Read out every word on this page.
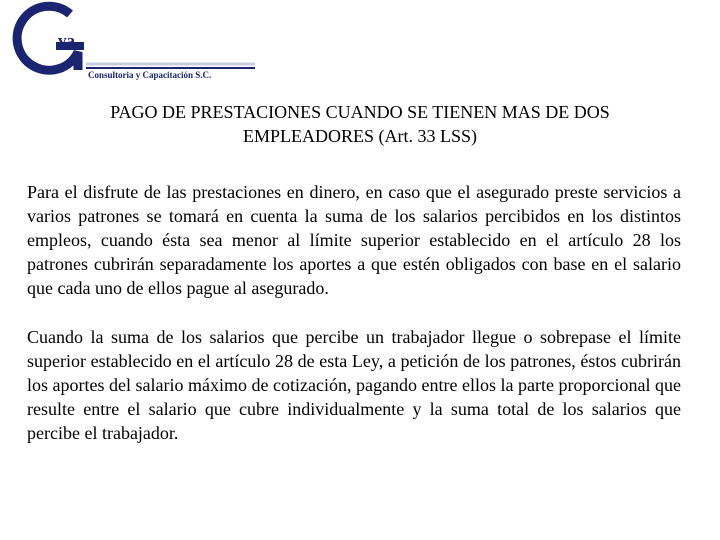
va
Consultoria y Capacitación S.C.
PAGO DE PRESTACIONES CUANDO SE TIENEN MAS DE DOS
EMPLEADORES (Art. 33 LSS)
Para el disfrute de las prestaciones en dinero, en caso que el asegurado preste servicios a varios patrones se tomará en cuenta la suma de los salarios percibidos en los distintos empleos, cuando ésta sea menor al límite superior establecido en el artículo 28 los patrones cubrirán separadamente los aportes a que estén obligados con base en el salario que cada uno de ellos pague al asegurado.
Cuando la suma de los salarios que percibe un trabajador llegue o sobrepase el límite superior establecido en el artículo 28 de esta Ley, a petición de los patrones, éstos cubrirán los aportes del salario máximo de cotización, pagando entre ellos la parte proporcional que resulte entre el salario que cubre individualmente y la suma total de los salarios que percibe el trabajador.
